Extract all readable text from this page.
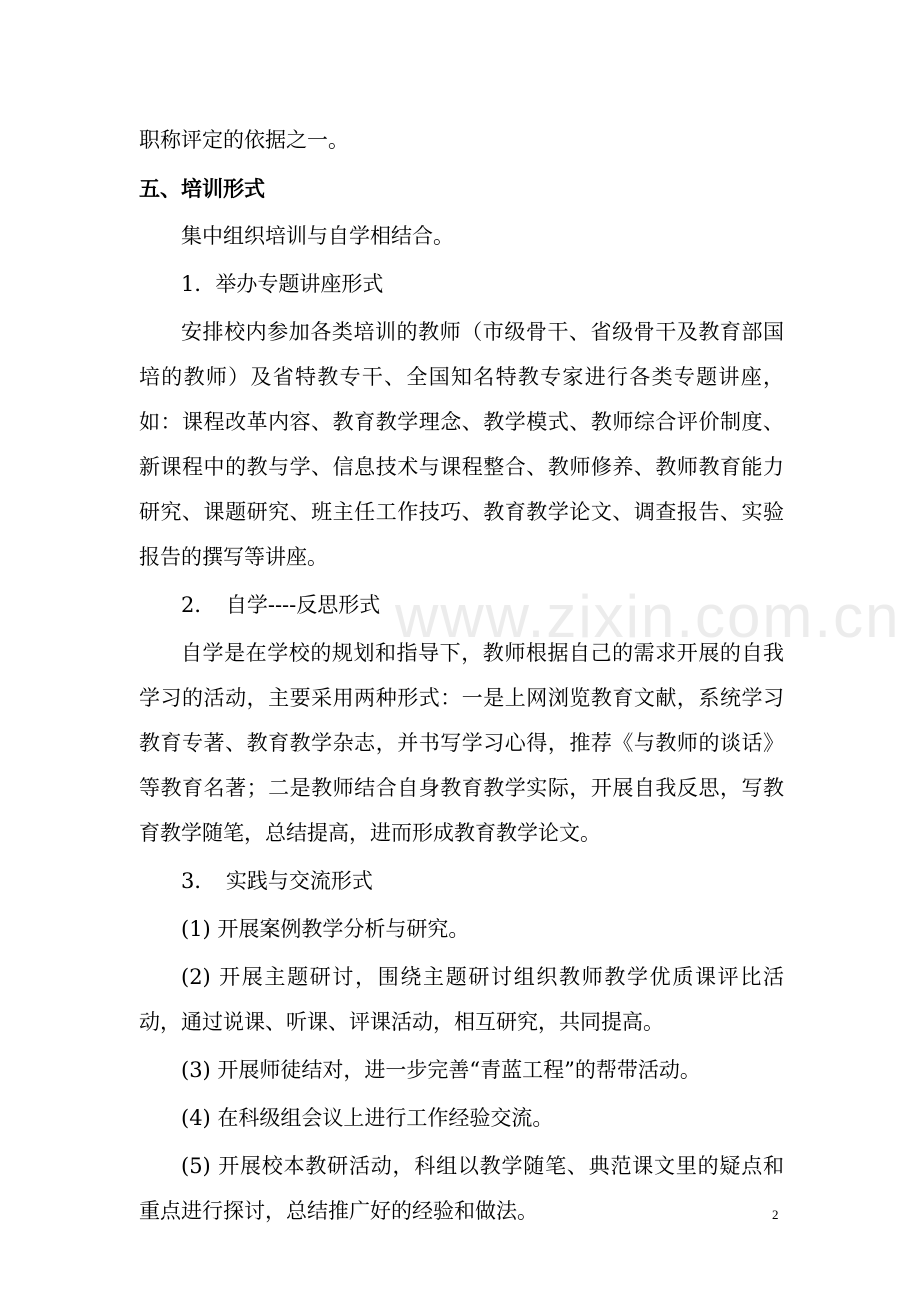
www.zixin.com.cn

职称评定的依据之一。

五、培训形式

集中组织培训与自学相结合。

1．举办专题讲座形式

安排校内参加各类培训的教师（市级骨干、省级骨干及教育部国培的教师）及省特教专干、全国知名特教专家进行各类专题讲座，如：课程改革内容、教育教学理念、教学模式、教师综合评价制度、新课程中的教与学、信息技术与课程整合、教师修养、教师教育能力研究、课题研究、班主任工作技巧、教育教学论文、调查报告、实验报告的撰写等讲座。

2．　自学----反思形式

自学是在学校的规划和指导下，教师根据自己的需求开展的自我学习的活动，主要采用两种形式：一是上网浏览教育文献，系统学习教育专著、教育教学杂志，并书写学习心得，推荐《与教师的谈话》等教育名著；二是教师结合自身教育教学实际，开展自我反思，写教育教学随笔，总结提高，进而形成教育教学论文。

3．　实践与交流形式

(1) 开展案例教学分析与研究。

(2) 开展主题研讨，围绕主题研讨组织教师教学优质课评比活动，通过说课、听课、评课活动，相互研究，共同提高。

(3) 开展师徒结对，进一步完善“青蓝工程”的帮带活动。

(4) 在科级组会议上进行工作经验交流。

(5) 开展校本教研活动，科组以教学随笔、典范课文里的疑点和重点进行探讨，总结推广好的经验和做法。	2
